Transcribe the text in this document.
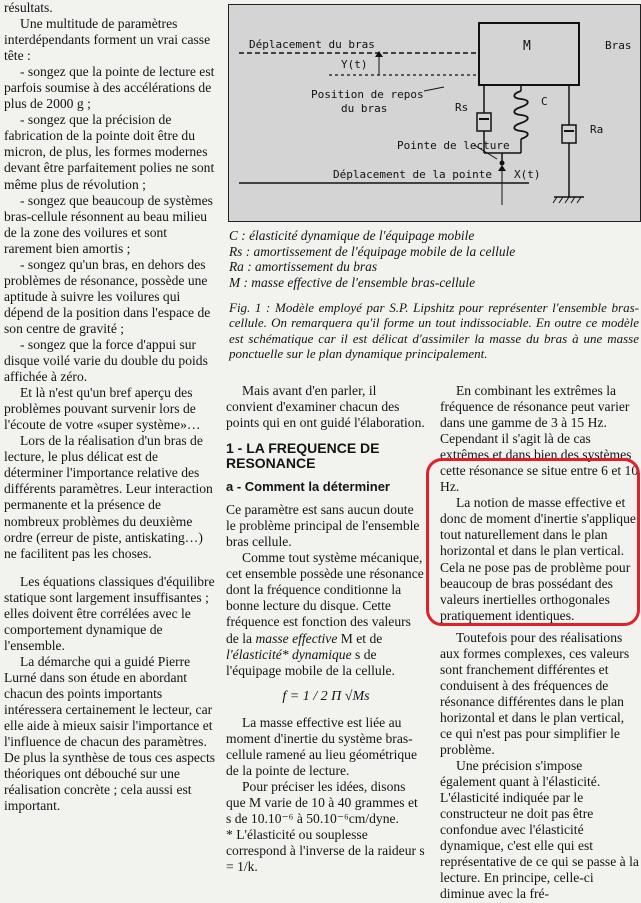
résultats.

Une multitude de paramètres interdépendants forment un vrai casse tête :

- songez que la pointe de lecture est parfois soumise à des accélérations de plus de 2000 g ;

- songez que la précision de fabrication de la pointe doit être du micron, de plus, les formes modernes devant être parfaitement polies ne sont même plus de révolution ;

- songez que beaucoup de systèmes bras-cellule résonnent au beau milieu de la zone des voilures et sont rarement bien amortis ;

- songez qu'un bras, en dehors des problèmes de résonance, possède une aptitude à suivre les voilures qui dépend de la position dans l'espace de son centre de gravité ;

- songez que la force d'appui sur disque voilé varie du double du poids affichée à zéro.

Et là n'est qu'un bref aperçu des problèmes pouvant survenir lors de l'écoute de votre «super système»…

Lors de la réalisation d'un bras de lecture, le plus délicat est de déterminer l'importance relative des différents paramètres. Leur interaction permanente et la présence de nombreux problèmes du deuxième ordre (erreur de piste, antiskating…) ne facilitent pas les choses.

Les équations classiques d'équilibre statique sont largement insuffisantes ; elles doivent être corrélées avec le comportement dynamique de l'ensemble.

La démarche qui a guidé Pierre Lurné dans son étude en abordant chacun des points importants intéressera certainement le lecteur, car elle aide à mieux saisir l'importance et l'influence de chacun des paramètres. De plus la synthèse de tous ces aspects théoriques ont débouché sur une réalisation concrète ; cela aussi est important.

Bras
M
Déplacement du bras
Y(t)
Position de repos
du bras	Rs	C
Ra
Pointe de lecture
Déplacement de la pointe X(t)
C : élasticité dynamique de l'équipage mobile
Rs : amortissement de l'équipage mobile de la cellule
Ra : amortissement du bras
M : masse effective de l'ensemble bras-cellule
Fig. 1 : Modèle employé par S.P. Lipshitz pour représenter l'ensemble bras-cellule. On remarquera qu'il forme un tout indissociable. En outre ce modèle est schématique car il est délicat d'assimiler la masse du bras à une masse ponctuelle sur le plan dynamique principalement.

Mais avant d'en parler, il convient d'examiner chacun des points qui en ont guidé l'élaboration.

1 - LA FREQUENCE DE RESONANCE
a - Comment la déterminer

Ce paramètre est sans aucun doute le problème principal de l'ensemble bras cellule.

Comme tout système mécanique, cet ensemble possède une résonance dont la fréquence conditionne la bonne lecture du disque. Cette fréquence est fonction des valeurs de la masse effective M et de l'élasticité* dynamique s de l'équipage mobile de la cellule.

f = 1 / 2 Π √Ms

La masse effective est liée au moment d'inertie du système bras-cellule ramené au lieu géométrique de la pointe de lecture.

Pour préciser les idées, disons que M varie de 10 à 40 grammes et s de 10.10⁻⁶ à 50.10⁻⁶cm/dyne.

* L'élasticité ou souplesse correspond à l'inverse de la raideur s = 1/k.

En combinant les extrêmes la fréquence de résonance peut varier dans une gamme de 3 à 15 Hz. Cependant il s'agit là de cas extrêmes et dans bien des systèmes cette résonance se situe entre 6 et 10 Hz.

La notion de masse effective et donc de moment d'inertie s'applique tout naturellement dans le plan horizontal et dans le plan vertical. Cela ne pose pas de problème pour beaucoup de bras possédant des valeurs inertielles orthogonales pratiquement identiques.

Toutefois pour des réalisations aux formes complexes, ces valeurs sont franchement différentes et conduisent à des fréquences de résonance différentes dans le plan horizontal et dans le plan vertical, ce qui n'est pas pour simplifier le problème.

Une précision s'impose également quant à l'élasticité. L'élasticité indiquée par le constructeur ne doit pas être confondue avec l'élasticité dynamique, c'est elle qui est représentative de ce qui se passe à la lecture. En principe, celle-ci diminue avec la fré-
